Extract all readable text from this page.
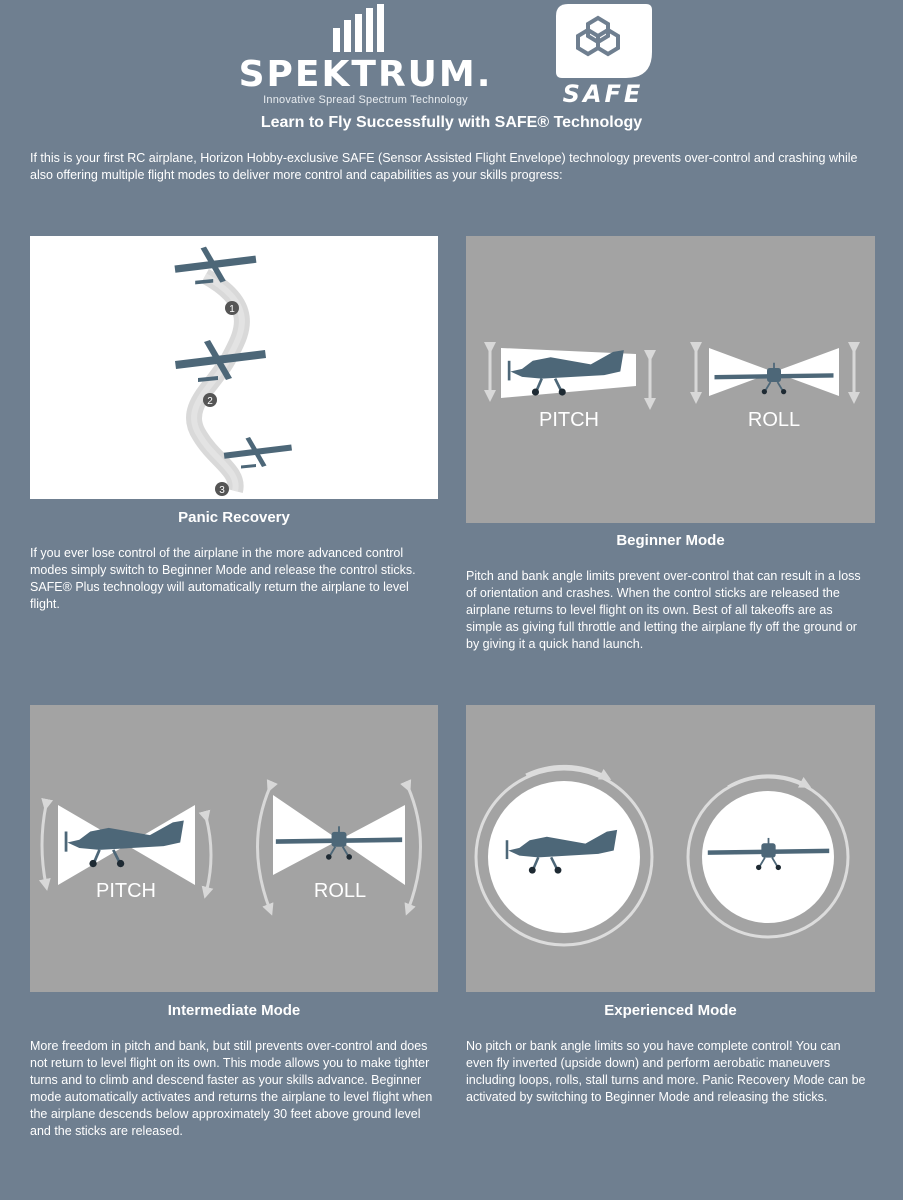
SPEKTRUM.
Innovative Spread Spectrum Technology	SAFE
Learn to Fly Successfully with SAFE® Technology
If this is your first RC airplane, Horizon Hobby-exclusive SAFE (Sensor Assisted Flight Envelope) technology prevents over-control and crashing while also offering multiple flight modes to deliver more control and capabilities as your skills progress:
1
2
3
Panic Recovery
If you ever lose control of the airplane in the more advanced control modes simply switch to Beginner Mode and release the control sticks. SAFE® Plus technology will automatically return the airplane to level flight.
PITCH	ROLL
Beginner Mode
Pitch and bank angle limits prevent over-control that can result in a loss of orientation and crashes. When the control sticks are released the airplane returns to level flight on its own. Best of all takeoffs are as simple as giving full throttle and letting the airplane fly off the ground or by giving it a quick hand launch.
PITCH	ROLL
Intermediate Mode
More freedom in pitch and bank, but still prevents over-control and does not return to level flight on its own. This mode allows you to make tighter turns and to climb and descend faster as your skills advance. Beginner mode automatically activates and returns the airplane to level flight when the airplane descends below approximately 30 feet above ground level and the sticks are released.
PITCH	ROLL
Experienced Mode
No pitch or bank angle limits so you have complete control! You can even fly inverted (upside down) and perform aerobatic maneuvers including loops, rolls, stall turns and more. Panic Recovery Mode can be activated by switching to Beginner Mode and releasing the sticks.
